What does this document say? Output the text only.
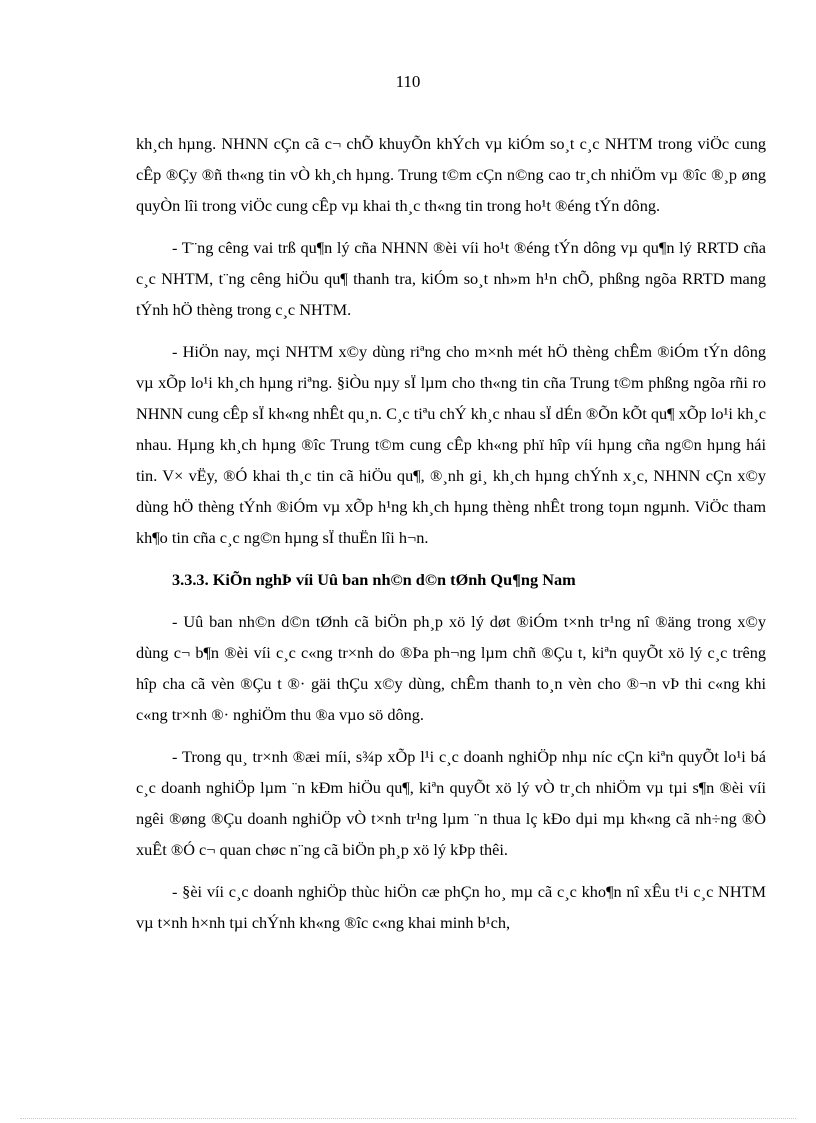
110

kh¸ch hµng. NHNN cÇn cã c¬ chÕ khuyÕn khÝch vµ kiÓm so¸t c¸c NHTM trong viÖc cung cÊp ®Çy ®ñ th«ng tin vÒ kh¸ch hµng. Trung t©m cÇn n©ng cao tr¸ch nhiÖm vµ ®îc ®¸p øng quyÒn lîi trong viÖc cung cÊp vµ khai th¸c th«ng tin trong ho¹t ®éng tÝn dông.

- T¨ng cêng vai trß qu¶n lý cña NHNN ®èi víi ho¹t ®éng tÝn dông vµ qu¶n lý RRTD cña c¸c NHTM, t¨ng cêng hiÖu qu¶ thanh tra, kiÓm so¸t nh»m h¹n chÕ, phßng ngõa RRTD mang tÝnh hÖ thèng trong c¸c NHTM.

- HiÖn nay, mçi NHTM x©y dùng riªng cho m×nh mét hÖ thèng chÊm ®iÓm tÝn dông vµ xÕp lo¹i kh¸ch hµng riªng. §iÒu nµy sÏ lµm cho th«ng tin cña Trung t©m phßng ngõa rñi ro NHNN cung cÊp sÏ kh«ng nhÊt qu¸n. C¸c tiªu chÝ kh¸c nhau sÏ dÉn ®Õn kÕt qu¶ xÕp lo¹i kh¸c nhau. Hµng kh¸ch hµng ®îc Trung t©m cung cÊp kh«ng phï hîp víi hµng cña ng©n hµng hái tin. V× vËy, ®Ó khai th¸c tin cã hiÖu qu¶, ®¸nh gi¸ kh¸ch hµng chÝnh x¸c, NHNN cÇn x©y dùng hÖ thèng tÝnh ®iÓm vµ xÕp h¹ng kh¸ch hµng thèng nhÊt trong toµn ngµnh. ViÖc tham kh¶o tin cña c¸c ng©n hµng sÏ thuËn lîi h¬n.

3.3.3. KiÕn nghÞ víi Uû ban nh©n d©n tØnh Qu¶ng Nam

- Uû ban nh©n d©n tØnh cã biÖn ph¸p xö lý døt ®iÓm t×nh tr¹ng nî ®äng trong x©y dùng c¬ b¶n ®èi víi c¸c c«ng tr×nh do ®Þa ph¬ng lµm chñ ®Çu t, kiªn quyÕt xö lý c¸c trêng hîp cha cã vèn ®Çu t ®· gäi thÇu x©y dùng, chÊm thanh to¸n vèn cho ®¬n vÞ thi c«ng khi c«ng tr×nh ®· nghiÖm thu ®a vµo sö dông.

- Trong qu¸ tr×nh ®æi míi, s¾p xÕp l¹i c¸c doanh nghiÖp nhµ níc cÇn kiªn quyÕt lo¹i bá c¸c doanh nghiÖp lµm ¨n kÐm hiÖu qu¶, kiªn quyÕt xö lý vÒ tr¸ch nhiÖm vµ tµi s¶n ®èi víi ngêi ®øng ®Çu doanh nghiÖp vÒ t×nh tr¹ng lµm ¨n thua lç kÐo dµi mµ kh«ng cã nh÷ng ®Ò xuÊt ®Ó c¬ quan chøc n¨ng cã biÖn ph¸p xö lý kÞp thêi.

- §èi víi c¸c doanh nghiÖp thùc hiÖn cæ phÇn ho¸ mµ cã c¸c kho¶n nî xÊu t¹i c¸c NHTM vµ t×nh h×nh tµi chÝnh kh«ng ®îc c«ng khai minh b¹ch,
